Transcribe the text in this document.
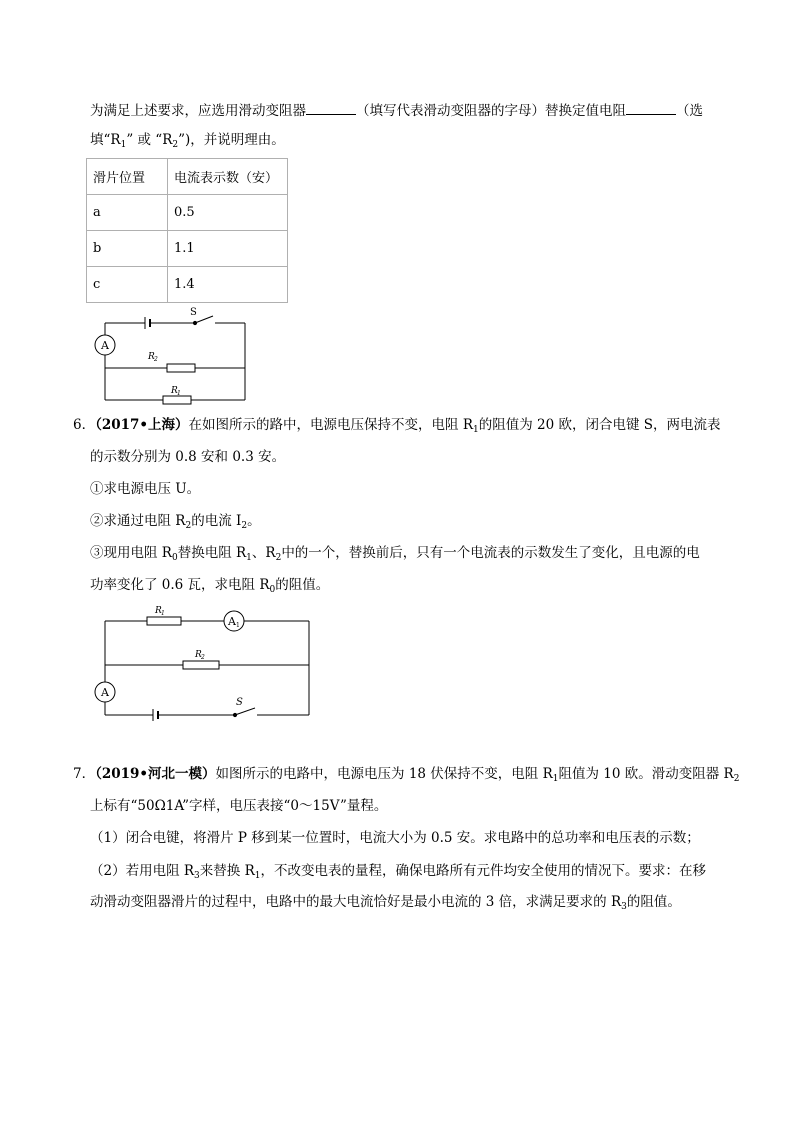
为满足上述要求，应选用滑动变阻器	（填写代表滑动变阻器的字母）替换定值电阻	（选
填“$R_1$” 或 “$R_2$”)，并说明理由。
滑片位置	电流表示数（安）
a	0.5
b	1.1
c	1.4
A
S
R 2
R 1
6．（2017•上海）在如图所示的路中，电源电压保持不变，电阻 $R_1$的阻值为 20 欧，闭合电键 S，两电流表
的示数分别为 0.8 安和 0.3 安。
①求电源电压 U。
②求通过电阻 $R_2$的电流 $I_2$。
③现用电阻 $R_0$替换电阻 $R_1$、$R_2$中的一个，替换前后，只有一个电流表的示数发生了变化，且电源的电
功率变化了 0.6 瓦，求电阻 $R_0$的阻值。
R 1
A 1
R 2
A
S
7．（2019•河北一模）如图所示的电路中，电源电压为 18 伏保持不变，电阻 $R_1$阻值为 10 欧。滑动变阻器 $R_2$
上标有“50Ω1A”字样，电压表接“0～15V”量程。
（1）闭合电键，将滑片 P 移到某一位置时，电流大小为 0.5 安。求电路中的总功率和电压表的示数；
（2）若用电阻 $R_3$来替换 $R_1$，不改变电表的量程，确保电路所有元件均安全使用的情况下。要求：在移
动滑动变阻器滑片的过程中，电路中的最大电流恰好是最小电流的 3 倍，求满足要求的 $R_3$的阻值。
